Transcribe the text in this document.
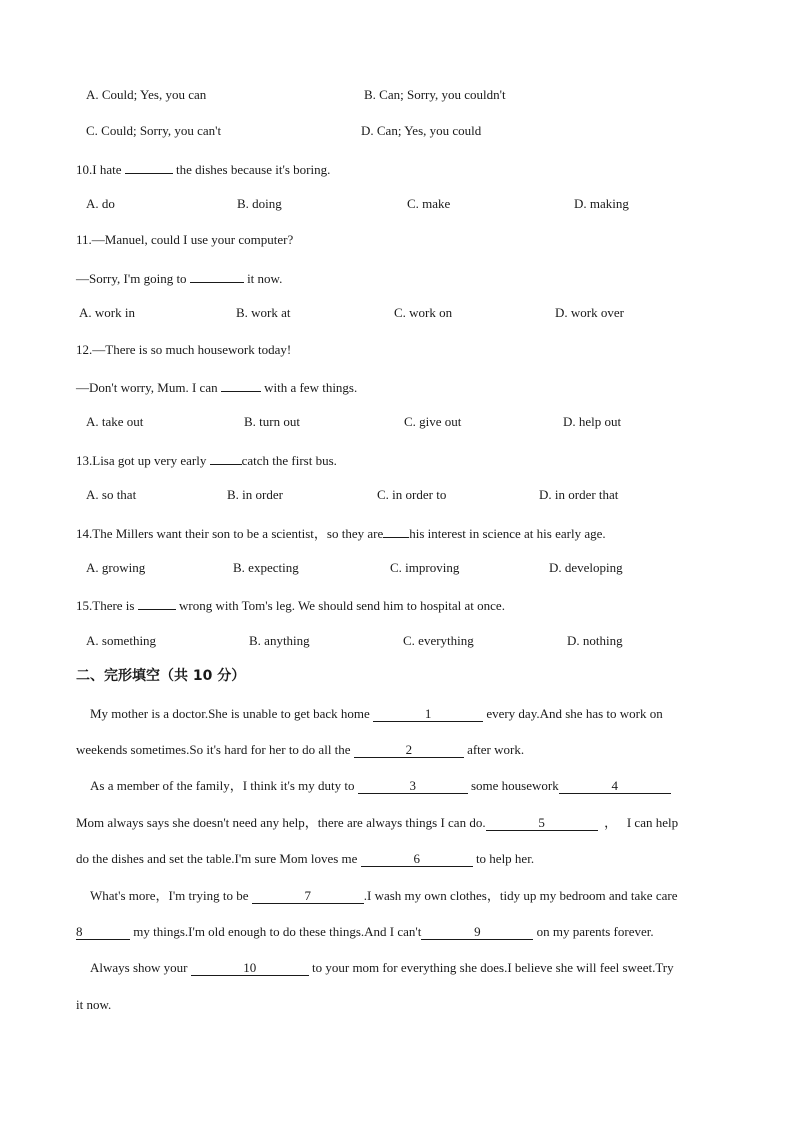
A. Could; Yes, you can	B. Can; Sorry, you couldn't
C. Could; Sorry, you can't	D. Can; Yes, you could
10.I hate	the dishes because it's boring.
A. do	B. doing	C. make	D. making
11.—Manuel, could I use your computer?
—Sorry, I'm going to	it now.
A. work in	B. work at	C. work on	D. work over
12.—There is so much housework today!
—Don't worry, Mum. I can	with a few things.
A. take out	B. turn out	C. give out	D. help out
13.Lisa got up very early	catch the first bus.
A. so that	B. in order	C. in order to	D. in order that
14.The Millers want their son to be a scientist，so they are his interest in science at his early age.
A. growing	B. expecting	C. improving	D. developing
15.There is	wrong with Tom's leg. We should send him to hospital at once.
A. something	B. anything	C. everything	D. nothing
二、完形填空（共 10 分）
My mother is a doctor.She is unable to get back home	1	every day.And she has to work on
weekends sometimes.So it's hard for her to do all the	2	after work.
As a member of the family，I think it's my duty to	3	some housework	4
Mom always says she doesn't need any help，there are always things I can do.	5	， I can help
do the dishes and set the table.I'm sure Mom loves me	6	to help her.
What's more，I'm trying to be	7	.I wash my own clothes，tidy up my bedroom and take care
8	my things.I'm old enough to do these things.And I can't	9	on my parents forever.
Always show your	10	to your mom for everything she does.I believe she will feel sweet.Try
it now.
